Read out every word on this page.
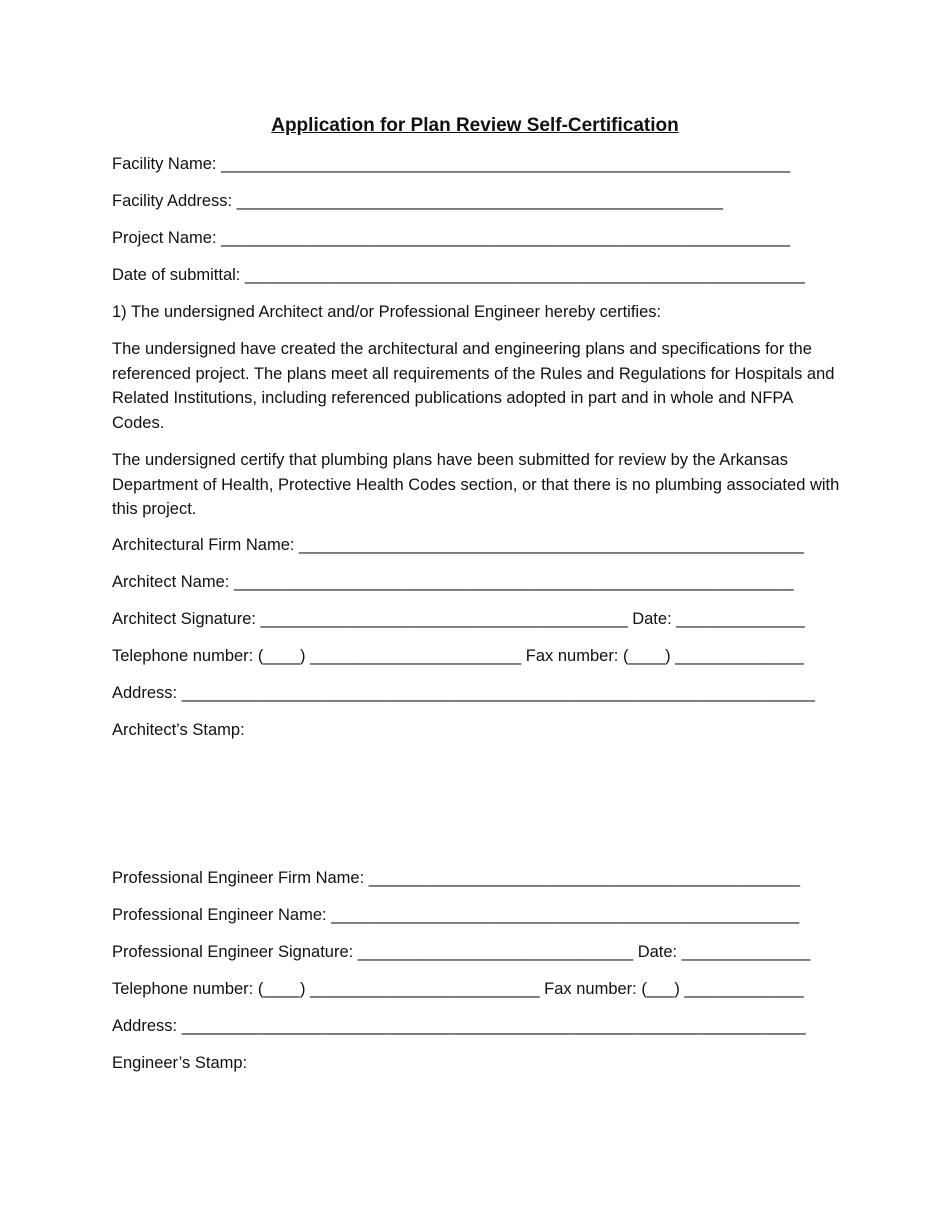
Application for Plan Review Self-Certification
Facility Name: ______________________________________________________________
Facility Address: _____________________________________________________
Project Name: ______________________________________________________________
Date of submittal: _____________________________________________________________
1) The undersigned Architect and/or Professional Engineer hereby certifies:
The undersigned have created the architectural and engineering plans and specifications for the referenced project. The plans meet all requirements of the Rules and Regulations for Hospitals and Related Institutions, including referenced publications adopted in part and in whole and NFPA Codes.
The undersigned certify that plumbing plans have been submitted for review by the Arkansas Department of Health, Protective Health Codes section, or that there is no plumbing associated with this project.
Architectural Firm Name: _______________________________________________________
Architect Name: _____________________________________________________________
Architect Signature: ________________________________________ Date: ______________
Telephone number: (____) _______________________ Fax number: (____) ______________
Address: _____________________________________________________________________
Architect’s Stamp:
Professional Engineer Firm Name: _______________________________________________
Professional Engineer Name: ___________________________________________________
Professional Engineer Signature: ______________________________ Date: ______________
Telephone number: (____) _________________________ Fax number: (___) _____________
Address: ____________________________________________________________________
Engineer’s Stamp:
